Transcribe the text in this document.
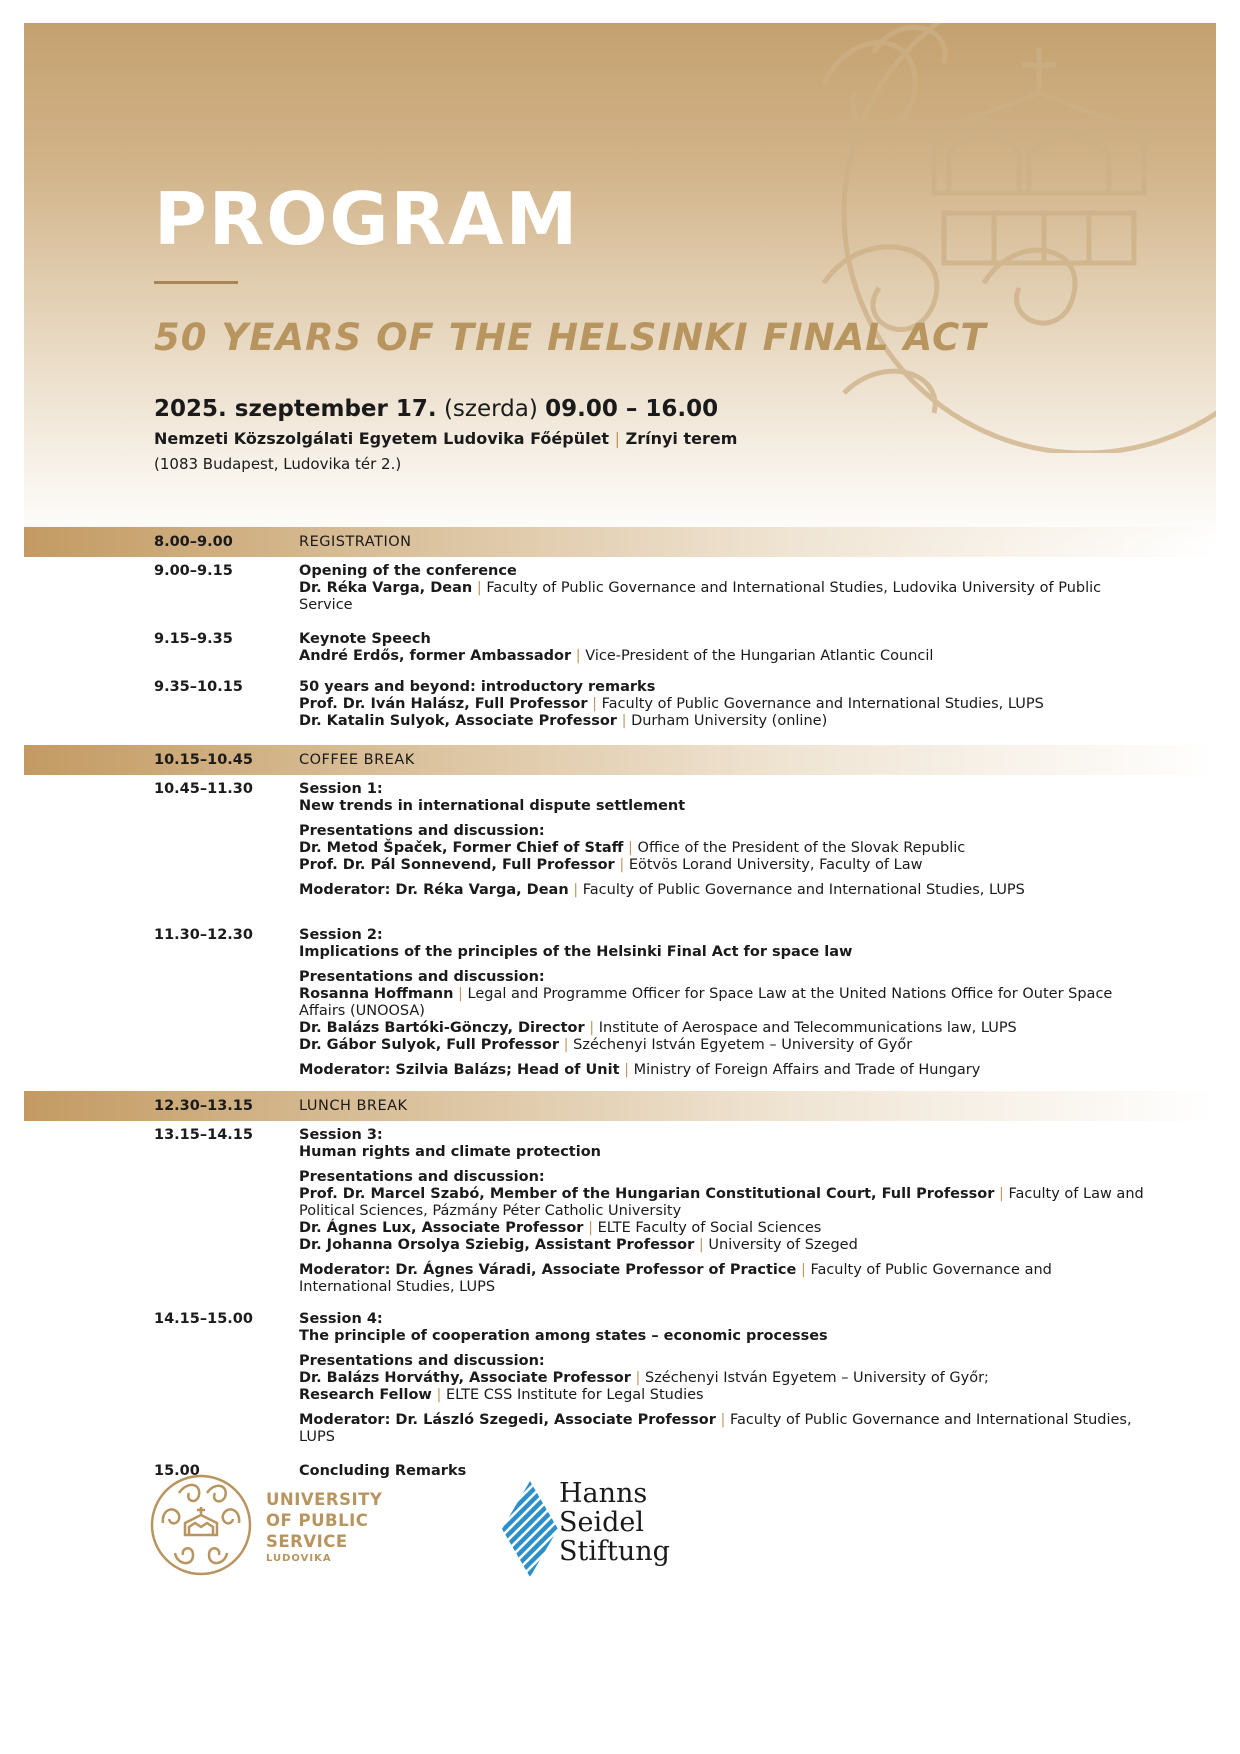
PROGRAM
50 YEARS OF THE HELSINKI FINAL ACT
2025. szeptember 17. (szerda) 09.00 – 16.00
Nemzeti Közszolgálati Egyetem Ludovika Főépület | Zrínyi terem
(1083 Budapest, Ludovika tér 2.)
8.00–9.00	REGISTRATION
9.00–9.15	Opening of the conference
Dr. Réka Varga, Dean | Faculty of Public Governance and International Studies, Ludovika University of Public Service
9.15–9.35	Keynote Speech
André Erdős, former Ambassador | Vice-President of the Hungarian Atlantic Council
9.35–10.15	50 years and beyond: introductory remarks
Prof. Dr. Iván Halász, Full Professor | Faculty of Public Governance and International Studies, LUPS
Dr. Katalin Sulyok, Associate Professor | Durham University (online)
10.15–10.45	COFFEE BREAK
10.45–11.30	Session 1:
New trends in international dispute settlement
Presentations and discussion:
Dr. Metod Špaček, Former Chief of Staff | Office of the President of the Slovak Republic
Prof. Dr. Pál Sonnevend, Full Professor | Eötvös Lorand University, Faculty of Law
Moderator: Dr. Réka Varga, Dean | Faculty of Public Governance and International Studies, LUPS
11.30–12.30	Session 2:
Implications of the principles of the Helsinki Final Act for space law
Presentations and discussion:
Rosanna Hoffmann | Legal and Programme Officer for Space Law at the United Nations Office for Outer Space Affairs (UNOOSA)
Dr. Balázs Bartóki-Gönczy, Director | Institute of Aerospace and Telecommunications law, LUPS
Dr. Gábor Sulyok, Full Professor | Széchenyi István Egyetem – University of Győr
Moderator: Szilvia Balázs; Head of Unit | Ministry of Foreign Affairs and Trade of Hungary
12.30–13.15	LUNCH BREAK
13.15–14.15	Session 3:
Human rights and climate protection
Presentations and discussion:
Prof. Dr. Marcel Szabó, Member of the Hungarian Constitutional Court, Full Professor | Faculty of Law and Political Sciences, Pázmány Péter Catholic University
Dr. Ágnes Lux, Associate Professor | ELTE Faculty of Social Sciences
Dr. Johanna Orsolya Sziebig, Assistant Professor | University of Szeged
Moderator: Dr. Ágnes Váradi, Associate Professor of Practice | Faculty of Public Governance and International Studies, LUPS
14.15–15.00	Session 4:
The principle of cooperation among states – economic processes
Presentations and discussion:
Dr. Balázs Horváthy, Associate Professor | Széchenyi István Egyetem – University of Győr;
Research Fellow | ELTE CSS Institute for Legal Studies
Moderator: Dr. László Szegedi, Associate Professor | Faculty of Public Governance and International Studies, LUPS
15.00	Concluding Remarks
UNIVERSITY
OF PUBLIC
SERVICE
LUDOVIKA
Hanns
Seidel
Stiftung
